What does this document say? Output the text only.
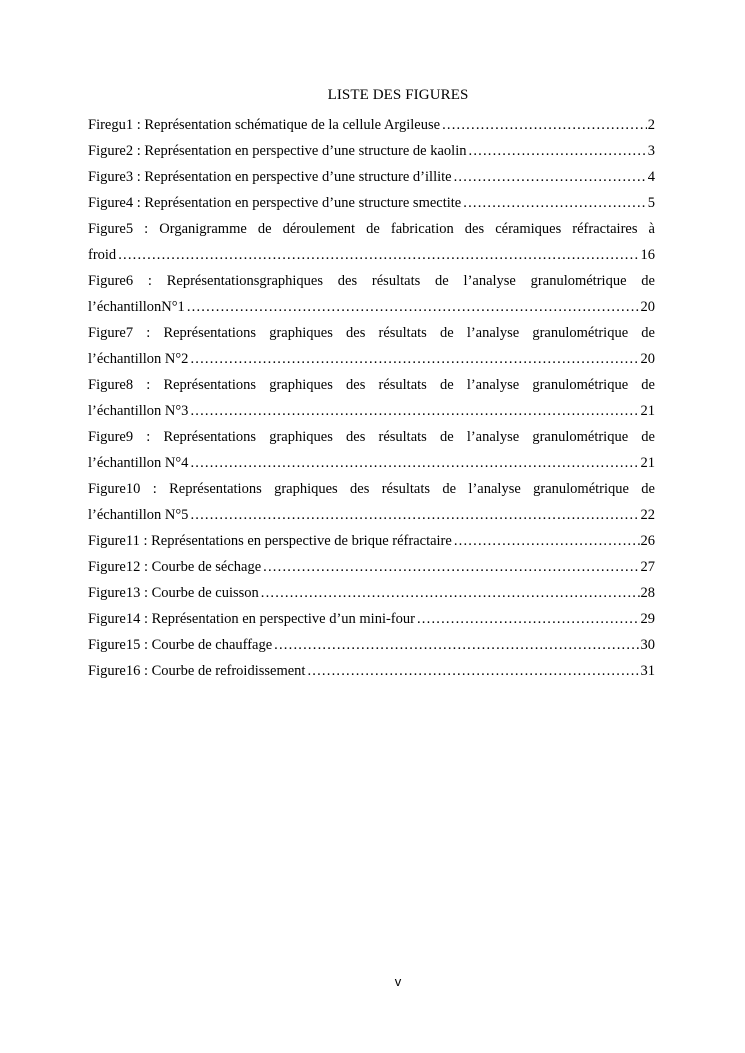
LISTE DES FIGURES
Firegu1 : Représentation schématique de la cellule Argileuse .....	2
Figure2 : Représentation en perspective d’une structure de kaolin .....	3
Figure3 : Représentation en perspective d’une structure d’illite .....	4
Figure4 : Représentation en perspective d’une structure smectite .....	5
Figure5 : Organigramme de déroulement de fabrication des céramiques réfractaires à
froid .....	16
Figure6 : Représentationsgraphiques des résultats de l’analyse granulométrique de
l’échantillonN°1 .....	20
Figure7 : Représentations graphiques des résultats de l’analyse granulométrique de
l’échantillon N°2 .....	20
Figure8 : Représentations graphiques des résultats de l’analyse granulométrique de
l’échantillon N°3 .....	21
Figure9 : Représentations graphiques des résultats de l’analyse granulométrique de
l’échantillon N°4 .....	21
Figure10 : Représentations graphiques des résultats de l’analyse granulométrique de
l’échantillon N°5 .....	22
Figure11 : Représentations en perspective de brique réfractaire .....	26
Figure12 : Courbe de séchage .....	27
Figure13 : Courbe de cuisson .....	28
Figure14 : Représentation en perspective d’un mini-four .....	29
Figure15 : Courbe de chauffage .....	30
Figure16 : Courbe de refroidissement .....	31
v
